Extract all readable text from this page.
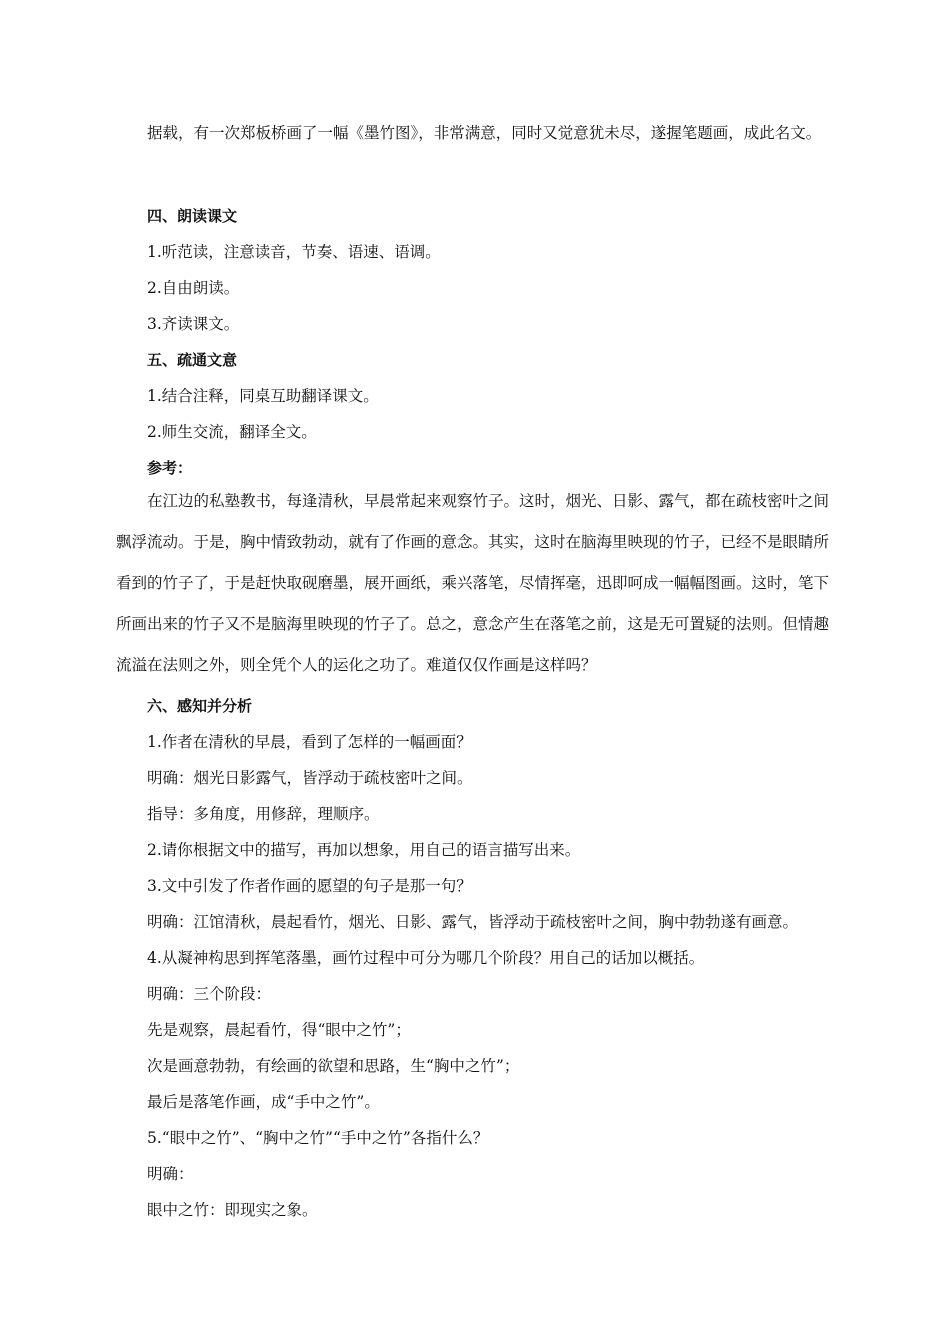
据载，有一次郑板桥画了一幅《墨竹图》，非常满意，同时又觉意犹未尽，遂握笔题画，成此名文。
四、朗读课文
1.听范读，注意读音，节奏、语速、语调。
2.自由朗读。
3.齐读课文。
五、疏通文意
1.结合注释，同桌互助翻译课文。
2.师生交流，翻译全文。
参考：
在江边的私塾教书，每逢清秋，早晨常起来观察竹子。这时，烟光、日影、露气，都在疏枝密叶之间飘浮流动。于是，胸中情致勃动，就有了作画的意念。其实，这时在脑海里映现的竹子，已经不是眼睛所看到的竹子了，于是赶快取砚磨墨，展开画纸，乘兴落笔，尽情挥毫，迅即呵成一幅幅图画。这时，笔下所画出来的竹子又不是脑海里映现的竹子了。总之，意念产生在落笔之前，这是无可置疑的法则。但情趣流溢在法则之外，则全凭个人的运化之功了。难道仅仅作画是这样吗？
六、感知并分析
1.作者在清秋的早晨，看到了怎样的一幅画面？
明确：烟光日影露气，皆浮动于疏枝密叶之间。
指导：多角度，用修辞，理顺序。
2.请你根据文中的描写，再加以想象，用自己的语言描写出来。
3.文中引发了作者作画的愿望的句子是那一句？
明确：江馆清秋，晨起看竹，烟光、日影、露气，皆浮动于疏枝密叶之间，胸中勃勃遂有画意。
4.从凝神构思到挥笔落墨，画竹过程中可分为哪几个阶段？用自己的话加以概括。
明确：三个阶段：
先是观察，晨起看竹，得“眼中之竹”；
次是画意勃勃，有绘画的欲望和思路，生“胸中之竹”；
最后是落笔作画，成“手中之竹”。
5.“眼中之竹”、“胸中之竹”“手中之竹”各指什么？
明确：
眼中之竹：即现实之象。
